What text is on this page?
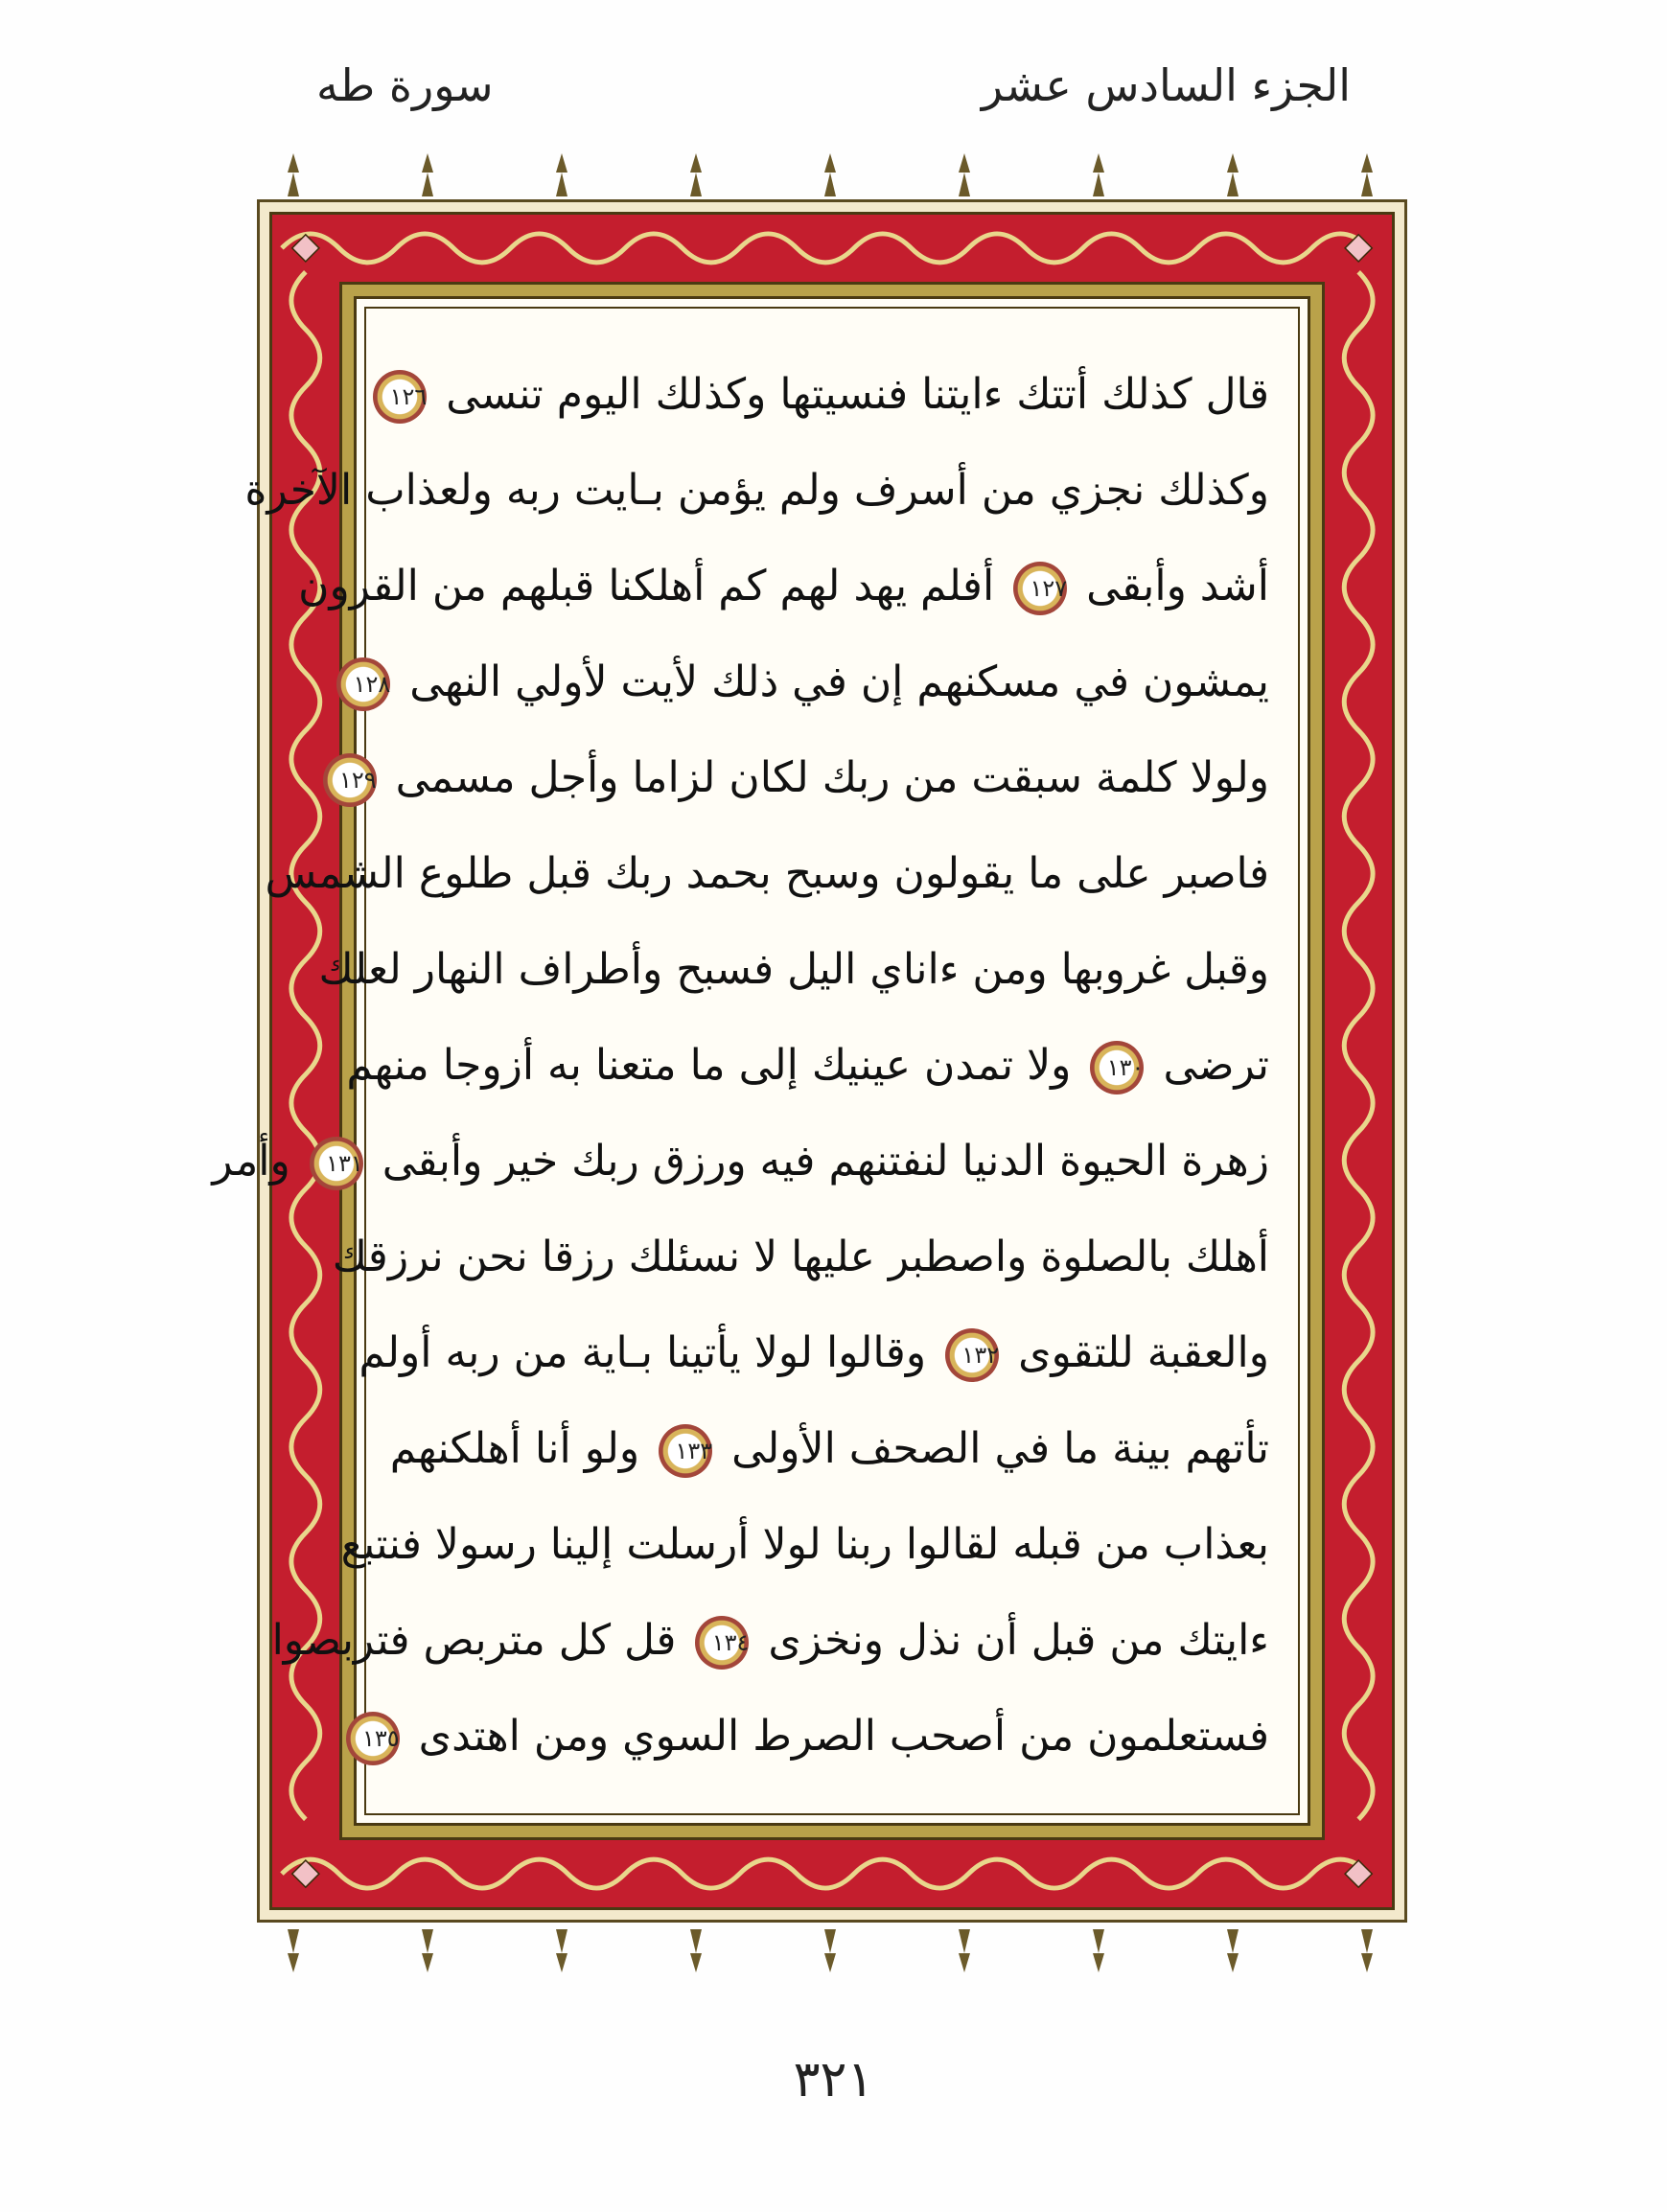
سورة طه	الجزء السادس عشر
قال كذلك أتتك ءايتنا فنسيتها وكذلك اليوم تنسى ١٢٦
وكذلك نجزي من أسرف ولم يؤمن بـايت ربه ولعذاب الآخرة
أشد وأبقى ١٢٧ أفلم يهد لهم كم أهلكنا قبلهم من القرون
يمشون في مسكنهم إن في ذلك لأيت لأولي النهى ١٢٨
ولولا كلمة سبقت من ربك لكان لزاما وأجل مسمى ١٢٩
فاصبر على ما يقولون وسبح بحمد ربك قبل طلوع الشمس
وقبل غروبها ومن ءاناي اليل فسبح وأطراف النهار لعلك
ترضى ١٣٠ ولا تمدن عينيك إلى ما متعنا به أزوجا منهم
زهرة الحيوة الدنيا لنفتنهم فيه ورزق ربك خير وأبقى ١٣١ وأمر
أهلك بالصلوة واصطبر عليها لا نسئلك رزقا نحن نرزقك
والعقبة للتقوى ١٣٢ وقالوا لولا يأتينا بـاية من ربه أولم
تأتهم بينة ما في الصحف الأولى ١٣٣ ولو أنا أهلكنهم
بعذاب من قبله لقالوا ربنا لولا أرسلت إلينا رسولا فنتبع
ءايتك من قبل أن نذل ونخزى ١٣٤ قل كل متربص فتربصوا
فستعلمون من أصحب الصرط السوي ومن اهتدى ١٣٥
٣٢١
